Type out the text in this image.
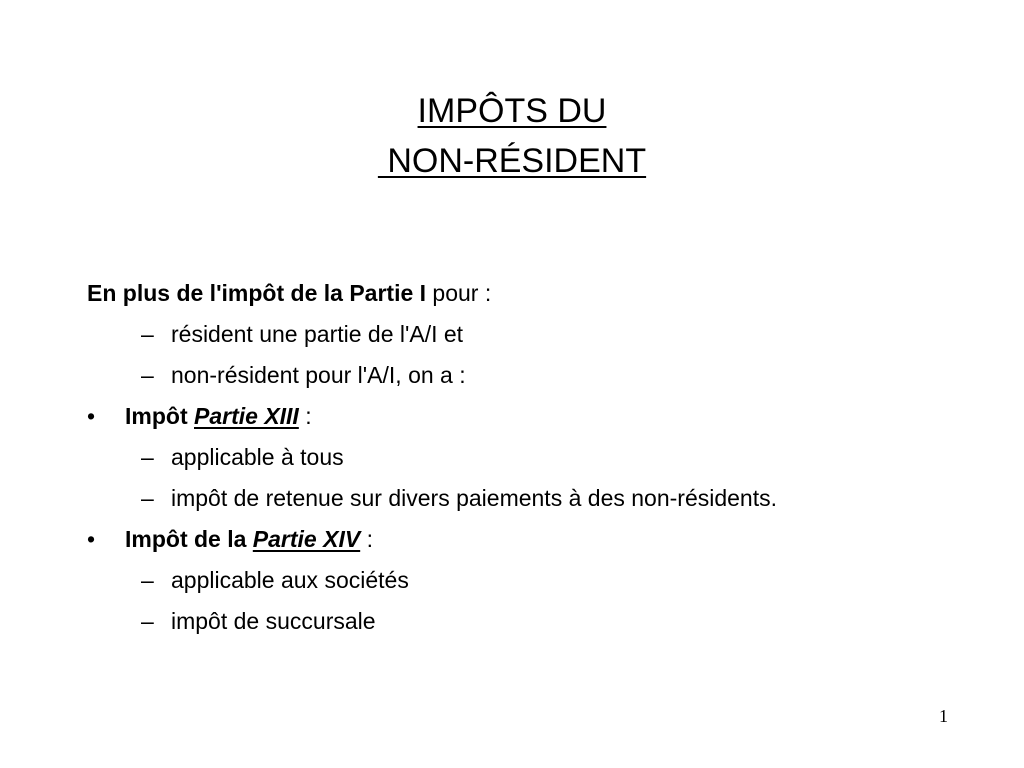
IMPÔTS DU
NON-RÉSIDENT
En plus de l'impôt de la Partie I pour :
– résident une partie de l'A/I et
– non-résident pour l'A/I, on a :
•	Impôt Partie XIII :
– applicable à tous
– impôt de retenue sur divers paiements à des non-résidents.
•	Impôt de la Partie XIV :
– applicable aux sociétés
– impôt de succursale
1
